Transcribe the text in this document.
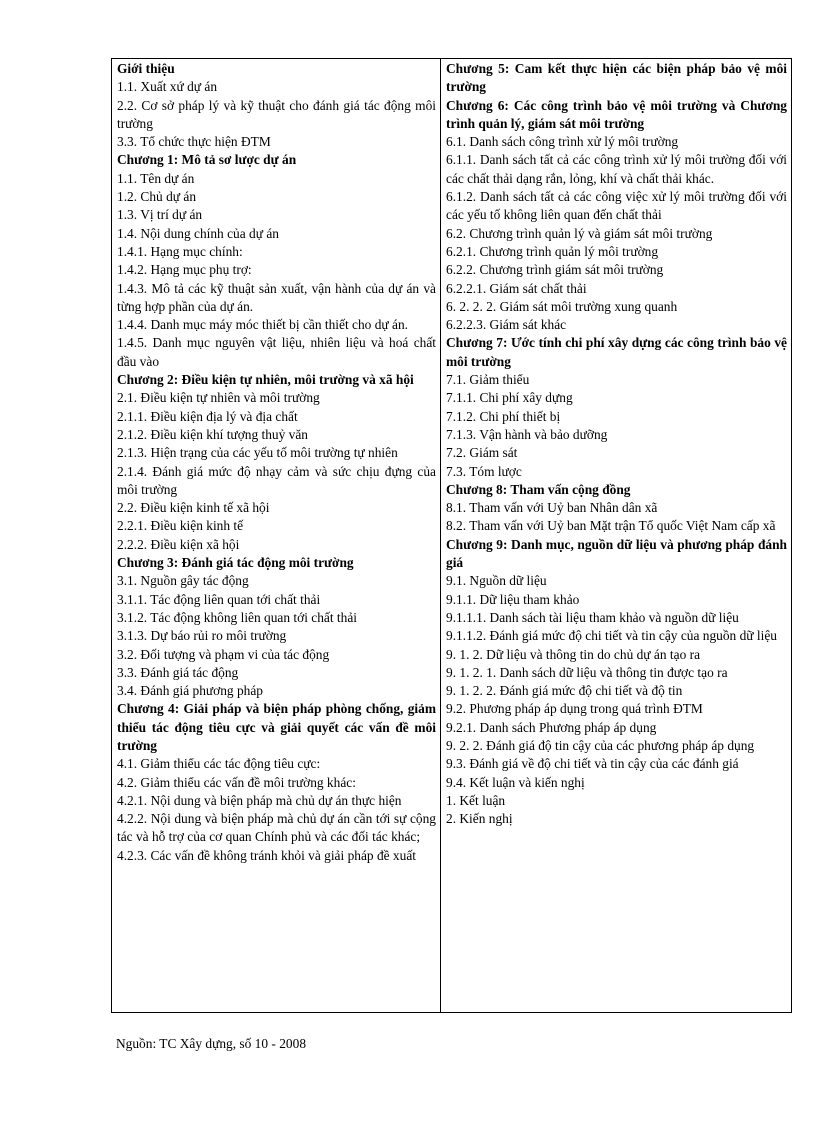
Giới thiệu
1.1. Xuất xứ dự án
2.2. Cơ sở pháp lý và kỹ thuật cho đánh giá tác động môi trường
3.3. Tổ chức thực hiện ĐTM
Chương 1: Mô tả sơ lược dự án
1.1. Tên dự án
1.2. Chủ dự án
1.3. Vị trí dự án
1.4. Nội dung chính của dự án
1.4.1. Hạng mục chính:
1.4.2. Hạng mục phụ trợ:
1.4.3. Mô tả các kỹ thuật sản xuất, vận hành của dự án và từng hợp phần của dự án.
1.4.4. Danh mục máy móc thiết bị cần thiết cho dự án.
1.4.5. Danh mục nguyên vật liệu, nhiên liệu và hoá chất đầu vào
Chương 2: Điều kiện tự nhiên, môi trường và xã hội
2.1. Điều kiện tự nhiên và môi trường
2.1.1. Điều kiện địa lý và địa chất
2.1.2. Điều kiện khí tượng thuỷ văn
2.1.3. Hiện trạng của các yếu tố môi trường tự nhiên
2.1.4. Đánh giá mức độ nhạy cảm và sức chịu đựng của môi trường
2.2. Điều kiện kinh tế xã hội
2.2.1. Điều kiện kinh tế
2.2.2. Điều kiện xã hội
Chương 3: Đánh giá tác động môi trường
3.1. Nguồn gây tác động
3.1.1. Tác động liên quan tới chất thải
3.1.2. Tác động không liên quan tới chất thải
3.1.3. Dự báo rủi ro môi trường
3.2. Đối tượng và phạm vi của tác động
3.3. Đánh giá tác động
3.4. Đánh giá phương pháp
Chương 4: Giải pháp và biện pháp phòng chống, giảm thiểu tác động tiêu cực và giải quyết các vấn đề môi trường
4.1. Giảm thiểu các tác động tiêu cực:
4.2. Giảm thiểu các vấn đề môi trường khác:
4.2.1. Nội dung và biện pháp mà chủ dự án thực hiện
4.2.2. Nội dung và biện pháp mà chủ dự án cần tới sự cộng tác và hỗ trợ của cơ quan Chính phủ và các đối tác khác;
4.2.3. Các vấn đề không tránh khỏi và giải pháp đề xuất

Chương 5: Cam kết thực hiện các biện pháp bảo vệ môi trường
Chương 6: Các công trình bảo vệ môi trường và Chương trình quản lý, giám sát môi trường
6.1. Danh sách công trình xử lý môi trường
6.1.1. Danh sách tất cả các công trình xử lý môi trường đối với các chất thải dạng rắn, lỏng, khí và chất thải khác.
6.1.2. Danh sách tất cả các công việc xử lý môi trường đối với các yếu tố không liên quan đến chất thải
6.2. Chương trình quản lý và giám sát môi trường
6.2.1. Chương trình quản lý môi trường
6.2.2. Chương trình giám sát môi trường
6.2.2.1. Giám sát chất thải
6. 2. 2. 2. Giám sát môi trường xung quanh
6.2.2.3. Giám sát khác
Chương 7: Ước tính chi phí xây dựng các công trình bảo vệ môi trường
7.1. Giảm thiểu
7.1.1. Chi phí xây dựng
7.1.2. Chi phí thiết bị
7.1.3. Vận hành và bảo dưỡng
7.2. Giám sát
7.3. Tóm lược
Chương 8: Tham vấn cộng đồng
8.1. Tham vấn với Uỷ ban Nhân dân xã
8.2. Tham vấn với Uỷ ban Mặt trận Tổ quốc Việt Nam cấp xã
Chương 9: Danh mục, nguồn dữ liệu và phương pháp đánh giá
9.1. Nguồn dữ liệu
9.1.1. Dữ liệu tham khảo
9.1.1.1. Danh sách tài liệu tham khảo và nguồn dữ liệu
9.1.1.2. Đánh giá mức độ chi tiết và tin cậy của nguồn dữ liệu
9. 1. 2. Dữ liệu và thông tin do chủ dự án tạo ra
9. 1. 2. 1. Danh sách dữ liệu và thông tin được tạo ra
9. 1. 2. 2. Đánh giá mức độ chi tiết và độ tin
9.2. Phương pháp áp dụng trong quá trình ĐTM
9.2.1. Danh sách Phương pháp áp dụng
9. 2. 2. Đánh giá độ tin cậy của các phương pháp áp dụng
9.3. Đánh giá về độ chi tiết và tin cậy của các đánh giá
9.4. Kết luận và kiến nghị
1. Kết luận
2. Kiến nghị
Nguồn: TC Xây dựng, số 10 - 2008
